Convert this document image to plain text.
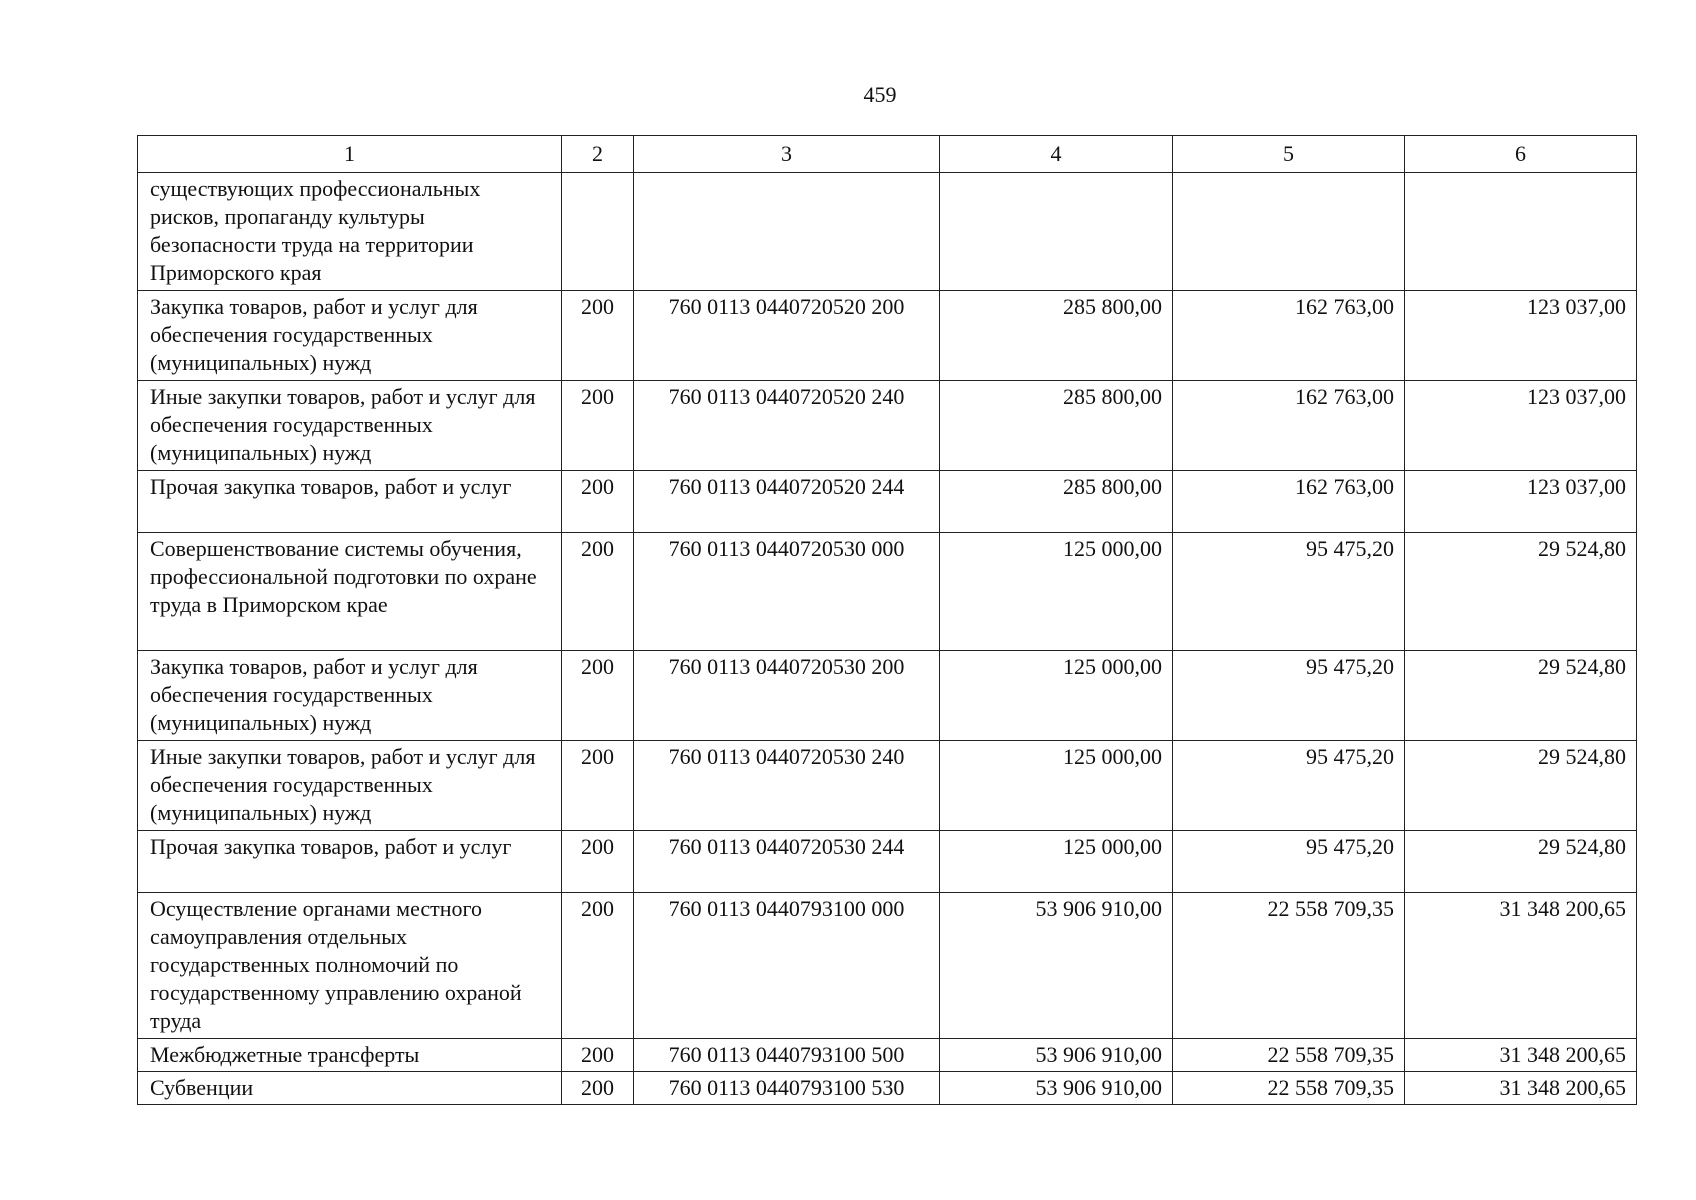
459
1	2	3	4	5	6
существующих профессиональных рисков, пропаганду культуры безопасности труда на территории Приморского края					
Закупка товаров, работ и услуг для обеспечения государственных (муниципальных) нужд	200	760 0113 0440720520 200	285 800,00	162 763,00	123 037,00
Иные закупки товаров, работ и услуг для обеспечения государственных (муниципальных) нужд	200	760 0113 0440720520 240	285 800,00	162 763,00	123 037,00
Прочая закупка товаров, работ и услуг	200	760 0113 0440720520 244	285 800,00	162 763,00	123 037,00
Совершенствование системы обучения, профессиональной подготовки по охране труда в Приморском крае	200	760 0113 0440720530 000	125 000,00	95 475,20	29 524,80
Закупка товаров, работ и услуг для обеспечения государственных (муниципальных) нужд	200	760 0113 0440720530 200	125 000,00	95 475,20	29 524,80
Иные закупки товаров, работ и услуг для обеспечения государственных (муниципальных) нужд	200	760 0113 0440720530 240	125 000,00	95 475,20	29 524,80
Прочая закупка товаров, работ и услуг	200	760 0113 0440720530 244	125 000,00	95 475,20	29 524,80
Осуществление органами местного самоуправления отдельных государственных полномочий по государственному управлению охраной труда	200	760 0113 0440793100 000	53 906 910,00	22 558 709,35	31 348 200,65
Межбюджетные трансферты	200	760 0113 0440793100 500	53 906 910,00	22 558 709,35	31 348 200,65
Субвенции	200	760 0113 0440793100 530	53 906 910,00	22 558 709,35	31 348 200,65
